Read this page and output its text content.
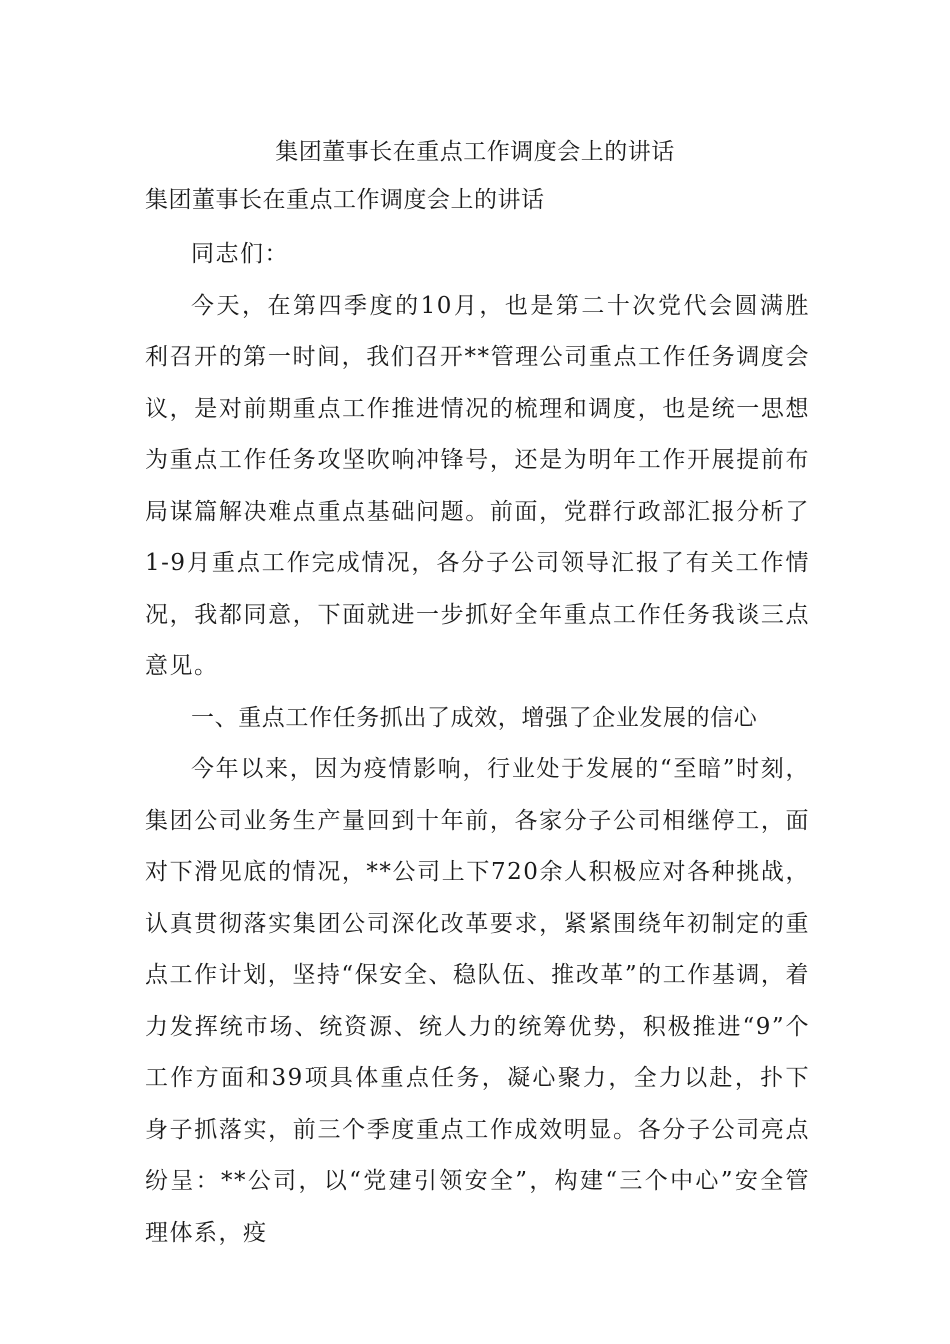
集团董事长在重点工作调度会上的讲话
集团董事长在重点工作调度会上的讲话

同志们：

今天，在第四季度的10月，也是第二十次党代会圆满胜利召开的第一时间，我们召开**管理公司重点工作任务调度会议，是对前期重点工作推进情况的梳理和调度，也是统一思想为重点工作任务攻坚吹响冲锋号，还是为明年工作开展提前布局谋篇解决难点重点基础问题。前面，党群行政部汇报分析了1-9月重点工作完成情况，各分子公司领导汇报了有关工作情况，我都同意，下面就进一步抓好全年重点工作任务我谈三点意见。

一、重点工作任务抓出了成效，增强了企业发展的信心

今年以来，因为疫情影响，行业处于发展的“至暗”时刻，集团公司业务生产量回到十年前，各家分子公司相继停工，面对下滑见底的情况，**公司上下720余人积极应对各种挑战，认真贯彻落实集团公司深化改革要求，紧紧围绕年初制定的重点工作计划，坚持“保安全、稳队伍、推改革”的工作基调，着力发挥统市场、统资源、统人力的统筹优势，积极推进“9”个工作方面和39项具体重点任务，凝心聚力，全力以赴，扑下身子抓落实，前三个季度重点工作成效明显。各分子公司亮点纷呈：**公司，以“党建引领安全”，构建“三个中心”安全管理体系，疫
